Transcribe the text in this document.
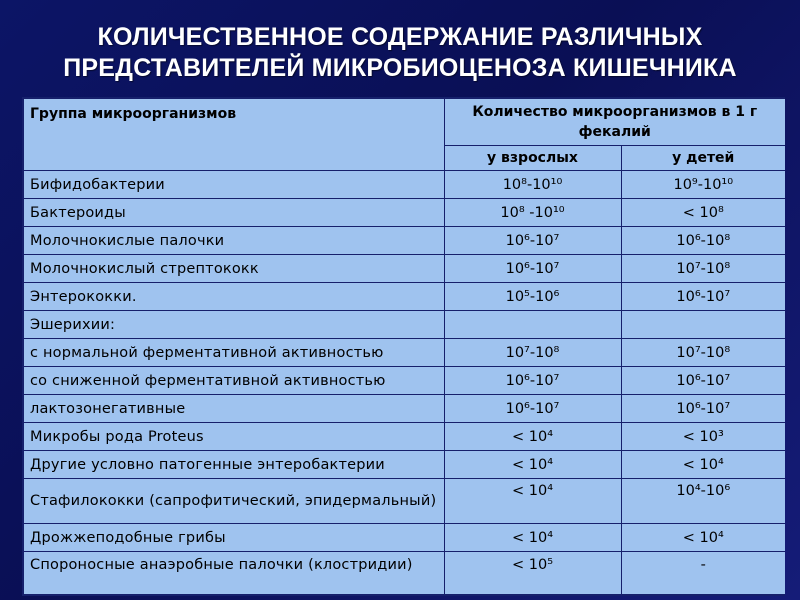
КОЛИЧЕСТВЕННОЕ СОДЕРЖАНИЕ РАЗЛИЧНЫХ
ПРЕДСТАВИТЕЛЕЙ МИКРОБИОЦЕНОЗА КИШЕЧНИКА
Группа микроорганизмов	Количество микроорганизмов в 1 г фекалий	
	у взрослых	у детей
Бифидобактерии	10⁸-10¹⁰	10⁹-10¹⁰
Бактероиды	10⁸ -10¹⁰	< 10⁸
Молочнокислые палочки	10⁶-10⁷	10⁶-10⁸
Молочнокислый стрептококк	10⁶-10⁷	10⁷-10⁸
Энтерококки.	10⁵-10⁶	10⁶-10⁷
Эшерихии:		
с нормальной ферментативной активностью	10⁷-10⁸	10⁷-10⁸
со сниженной ферментативной активностью	10⁶-10⁷	10⁶-10⁷
лактозонегативные	10⁶-10⁷	10⁶-10⁷
Микробы рода Proteus	< 10⁴	< 10³
Другие условно патогенные энтеробактерии	< 10⁴	< 10⁴
Стафилококки (сапрофитический, эпидермальный)	< 10⁴	10⁴-10⁶
Дрожжеподобные грибы	< 10⁴	< 10⁴
Спороносные анаэробные палочки (клостридии)	< 10⁵	-
